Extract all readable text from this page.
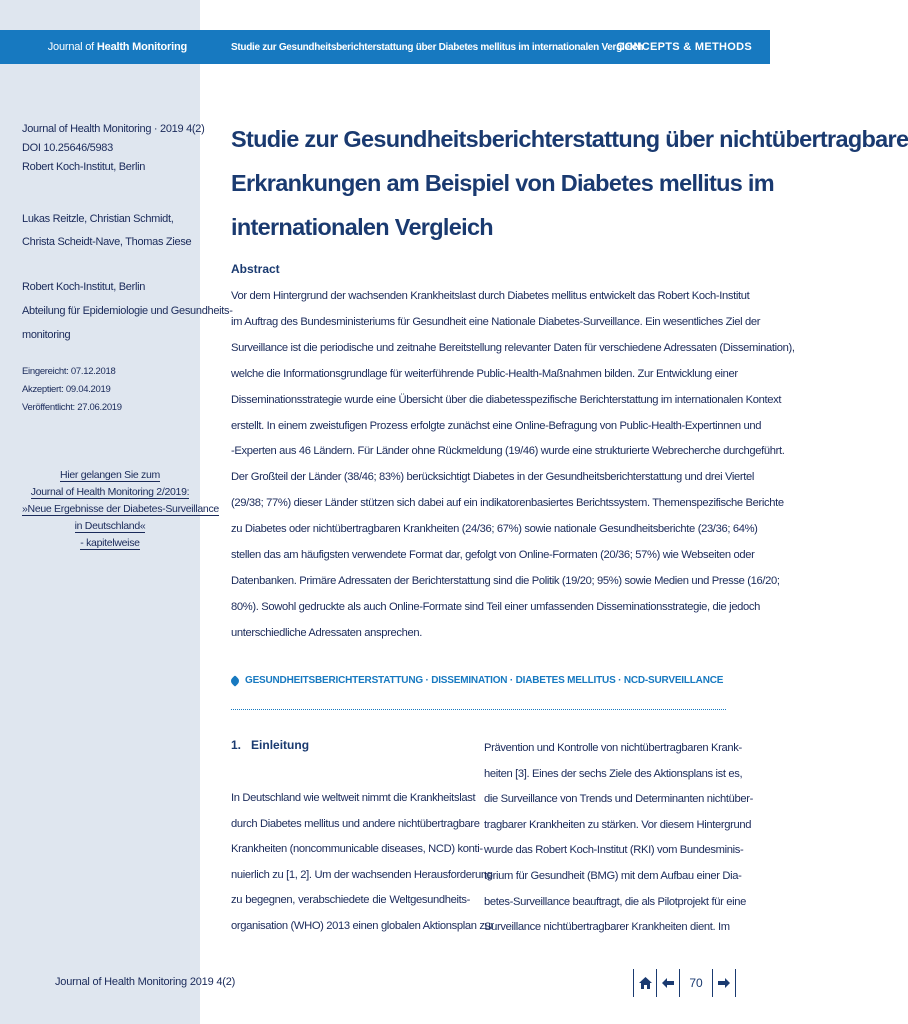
Journal of Health Monitoring	Studie zur Gesundheitsberichterstattung über Diabetes mellitus im internationalen Vergleich
CONCEPTS & METHODS
Journal of Health Monitoring · 2019 4(2)
DOI 10.25646/5983
Robert Koch-Institut, Berlin
Lukas Reitzle, Christian Schmidt,
Christa Scheidt-Nave, Thomas Ziese
Robert Koch-Institut, Berlin
Abteilung für Epidemiologie und Gesundheits-
monitoring
Eingereicht: 07.12.2018
Akzeptiert: 09.04.2019
Veröffentlicht: 27.06.2019
Hier gelangen Sie zum
Journal of Health Monitoring 2/2019:
»Neue Ergebnisse der Diabetes-Surveillance
in Deutschland«
- kapitelweise
Journal of Health Monitoring 2019 4(2)
Studie zur Gesundheitsberichterstattung über nichtübertragbare
Erkrankungen am Beispiel von Diabetes mellitus im
internationalen Vergleich
Abstract
Vor dem Hintergrund der wachsenden Krankheitslast durch Diabetes mellitus entwickelt das Robert Koch-Institut
im Auftrag des Bundesministeriums für Gesundheit eine Nationale Diabetes-Surveillance. Ein wesentliches Ziel der
Surveillance ist die periodische und zeitnahe Bereitstellung relevanter Daten für verschiedene Adressaten (Dissemination),
welche die Informationsgrundlage für weiterführende Public-Health-Maßnahmen bilden. Zur Entwicklung einer
Disseminationsstrategie wurde eine Übersicht über die diabetesspezifische Berichterstattung im internationalen Kontext
erstellt. In einem zweistufigen Prozess erfolgte zunächst eine Online-Befragung von Public-Health-Expertinnen und
-Experten aus 46 Ländern. Für Länder ohne Rückmeldung (19/46) wurde eine strukturierte Webrecherche durchgeführt.
Der Großteil der Länder (38/46; 83%) berücksichtigt Diabetes in der Gesundheitsberichterstattung und drei Viertel
(29/38; 77%) dieser Länder stützen sich dabei auf ein indikatorenbasiertes Berichtssystem. Themenspezifische Berichte
zu Diabetes oder nichtübertragbaren Krankheiten (24/36; 67%) sowie nationale Gesundheitsberichte (23/36; 64%)
stellen das am häufigsten verwendete Format dar, gefolgt von Online-Formaten (20/36; 57%) wie Webseiten oder
Datenbanken. Primäre Adressaten der Berichterstattung sind die Politik (19/20; 95%) sowie Medien und Presse (16/20;
80%). Sowohl gedruckte als auch Online-Formate sind Teil einer umfassenden Disseminationsstrategie, die jedoch
unterschiedliche Adressaten ansprechen.
GESUNDHEITSBERICHTERSTATTUNG · DISSEMINATION · DIABETES MELLITUS · NCD-SURVEILLANCE
1. Einleitung
In Deutschland wie weltweit nimmt die Krankheitslast
durch Diabetes mellitus und andere nichtübertragbare
Krankheiten (noncommunicable diseases, NCD) konti-
nuierlich zu [1, 2]. Um der wachsenden Herausforderung
zu begegnen, verabschiedete die Weltgesundheits-
organisation (WHO) 2013 einen globalen Aktionsplan zur
Prävention und Kontrolle von nichtübertragbaren Krank-
heiten [3]. Eines der sechs Ziele des Aktionsplans ist es,
die Surveillance von Trends und Determinanten nichtüber-
tragbarer Krankheiten zu stärken. Vor diesem Hintergrund
wurde das Robert Koch-Institut (RKI) vom Bundesminis-
terium für Gesundheit (BMG) mit dem Aufbau einer Dia-
betes-Surveillance beauftragt, die als Pilotprojekt für eine
Surveillance nichtübertragbarer Krankheiten dient. Im
70
